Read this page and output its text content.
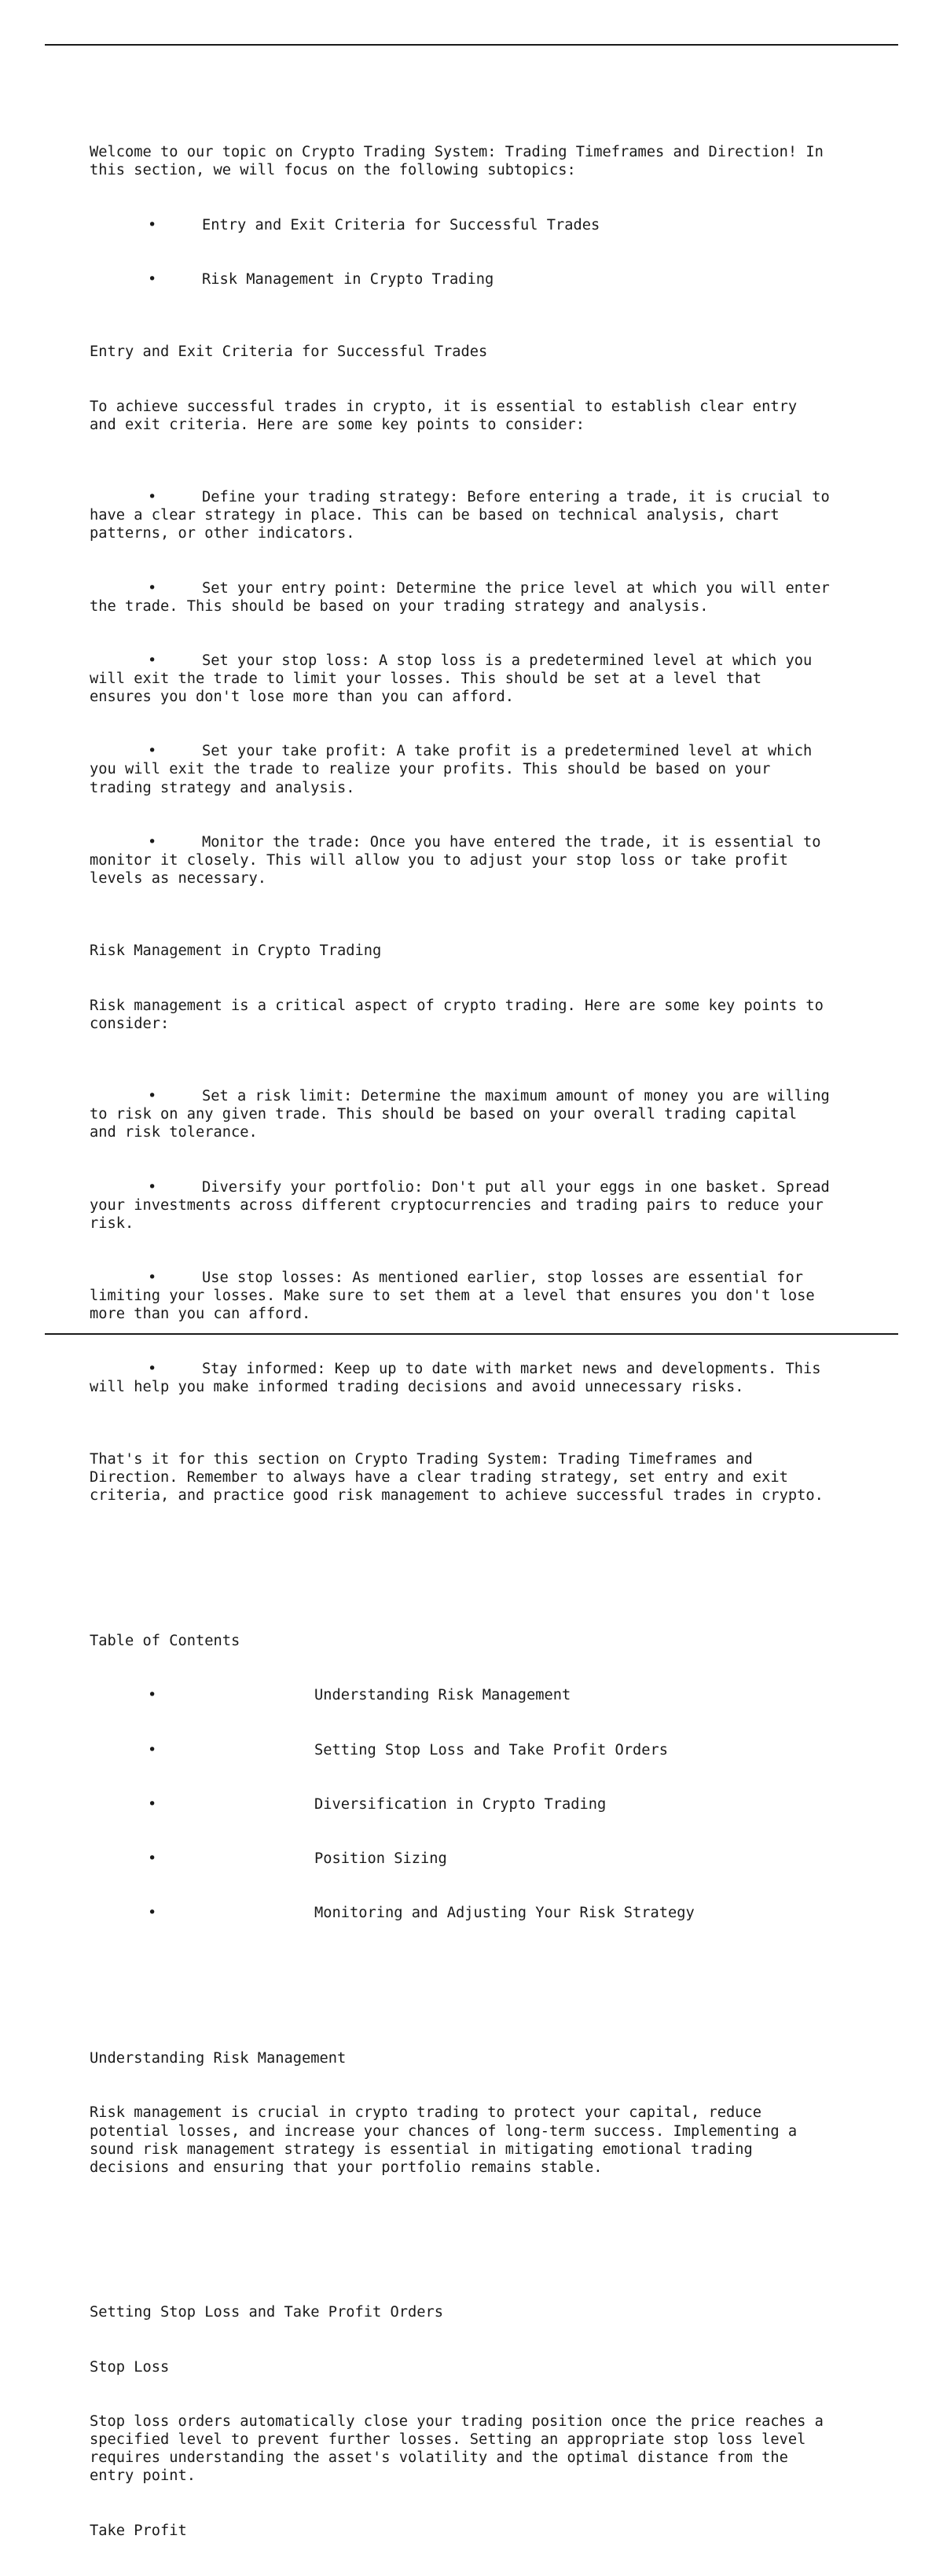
Welcome to our topic on Crypto Trading System: Trading Timeframes and Direction! In
this section, we will focus on the following subtopics:

•	Entry and Exit Criteria for Successful Trades

•	Risk Management in Crypto Trading

Entry and Exit Criteria for Successful Trades

To achieve successful trades in crypto, it is essential to establish clear entry
and exit criteria. Here are some key points to consider:

•	Define your trading strategy: Before entering a trade, it is crucial to
have a clear strategy in place. This can be based on technical analysis, chart
patterns, or other indicators.

•	Set your entry point: Determine the price level at which you will enter
the trade. This should be based on your trading strategy and analysis.

•	Set your stop loss: A stop loss is a predetermined level at which you
will exit the trade to limit your losses. This should be set at a level that
ensures you don't lose more than you can afford.

•	Set your take profit: A take profit is a predetermined level at which
you will exit the trade to realize your profits. This should be based on your
trading strategy and analysis.

•	Monitor the trade: Once you have entered the trade, it is essential to
monitor it closely. This will allow you to adjust your stop loss or take profit
levels as necessary.

Risk Management in Crypto Trading

Risk management is a critical aspect of crypto trading. Here are some key points to
consider:

•	Set a risk limit: Determine the maximum amount of money you are willing
to risk on any given trade. This should be based on your overall trading capital
and risk tolerance.

•	Diversify your portfolio: Don't put all your eggs in one basket. Spread
your investments across different cryptocurrencies and trading pairs to reduce your
risk.

•	Use stop losses: As mentioned earlier, stop losses are essential for
limiting your losses. Make sure to set them at a level that ensures you don't lose
more than you can afford.

•	Stay informed: Keep up to date with market news and developments. This
will help you make informed trading decisions and avoid unnecessary risks.

That's it for this section on Crypto Trading System: Trading Timeframes and
Direction. Remember to always have a clear trading strategy, set entry and exit
criteria, and practice good risk management to achieve successful trades in crypto.

Table of Contents

•	Understanding Risk Management

•	Setting Stop Loss and Take Profit Orders

•	Diversification in Crypto Trading

•	Position Sizing

•	Monitoring and Adjusting Your Risk Strategy

Understanding Risk Management

Risk management is crucial in crypto trading to protect your capital, reduce
potential losses, and increase your chances of long-term success. Implementing a
sound risk management strategy is essential in mitigating emotional trading
decisions and ensuring that your portfolio remains stable.

Setting Stop Loss and Take Profit Orders

Stop Loss

Stop loss orders automatically close your trading position once the price reaches a
specified level to prevent further losses. Setting an appropriate stop loss level
requires understanding the asset's volatility and the optimal distance from the
entry point.

Take Profit
